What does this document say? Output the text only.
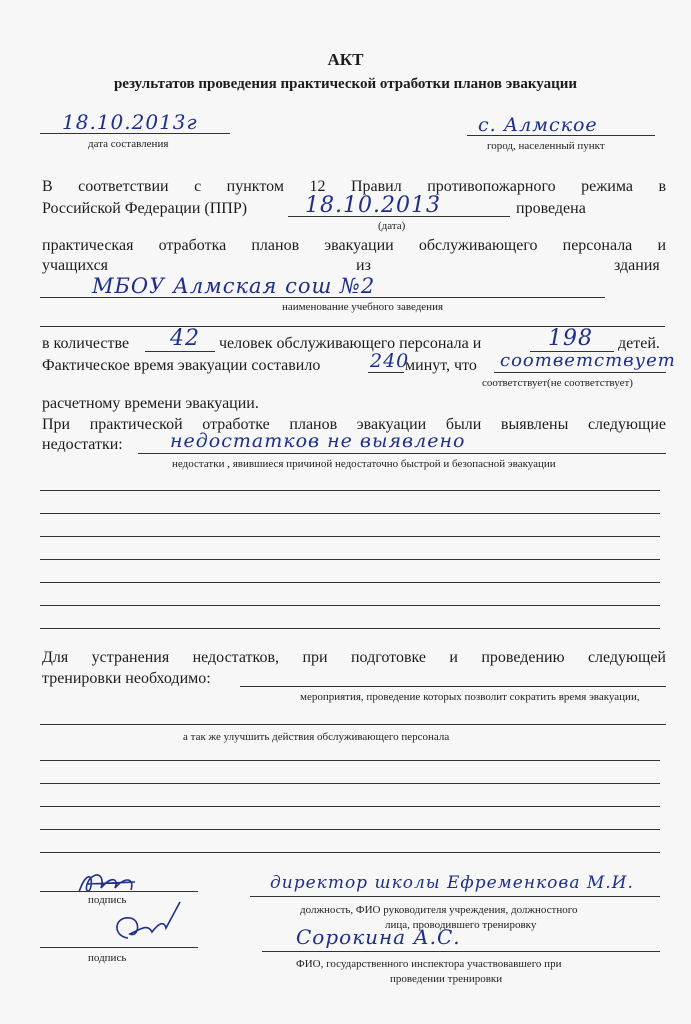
АКТ
результатов проведения практической отработки планов эвакуации
18.10.2013г
дата составления
с. Алмское
город, населенный пункт
В соответствии с пунктом 12 Правил противопожарного режима в
Российской Федерации (ППР)	18.10.2013	проведена
(дата)
практическая отработка планов эвакуации обслуживающего персонала и
учащихся	из	здания
МБОУ Алмская сош №2
наименование учебного заведения
в количестве 42 человек обслуживающего персонала и	198 детей.
Фактическое время эвакуации составило	240
минут, что соответствует
соответствует(не соответствует)
расчетному времени эвакуации.
При практической отработке планов эвакуации были выявлены следующие
недостатки: недостатков не выявлено
недостатки , явившиеся причиной недостаточно быстрой и безопасной эвакуации
Для устранения недостатков, при подготовке и проведению следующей
тренировки необходимо:
мероприятия, проведение которых позволит сократить время эвакуации,
а так же улучшить действия обслуживающего персонала
подпись
директор школы Ефременкова М.И.
должность, ФИО руководителя учреждения, должностного
лица, проводившего тренировку
подпись
Сорокина А.С.
ФИО, государственного инспектора участвовавшего при
проведении тренировки
